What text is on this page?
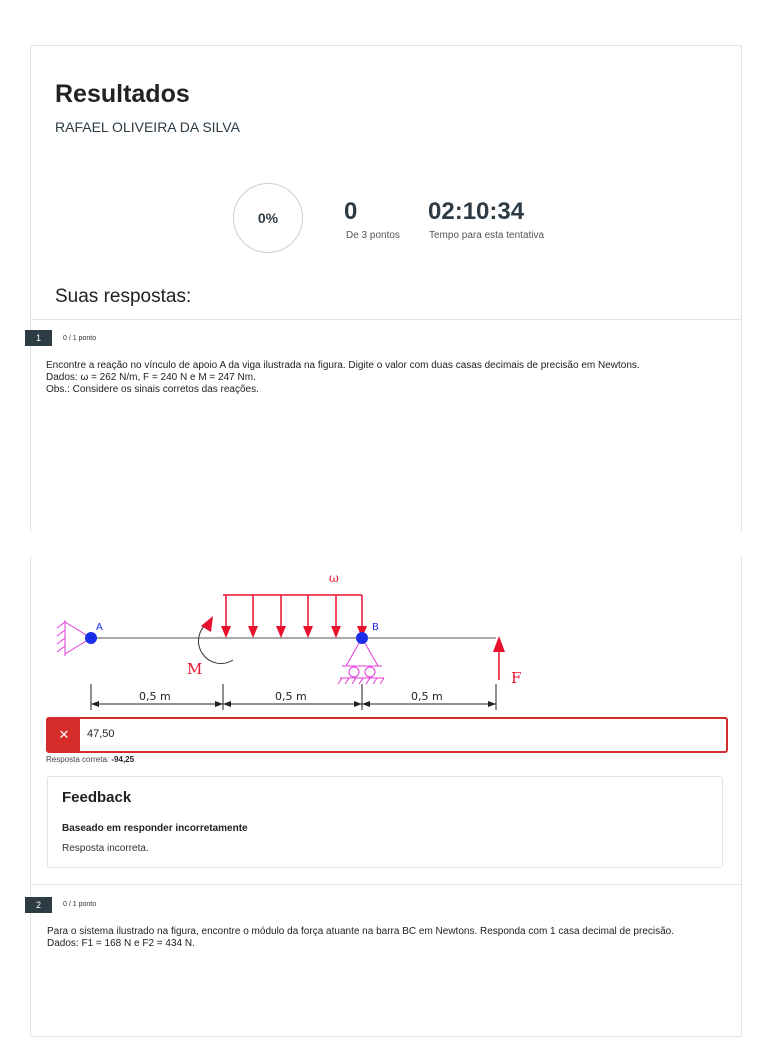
Resultados
RAFAEL OLIVEIRA DA SILVA
0%	0
De 3 pontos
02:10:34
Tempo para esta tentativa
Suas respostas:
1	0 / 1 ponto
Encontre a reação no vínculo de apoio A da viga ilustrada na figura. Digite o valor com duas casas decimais de precisão em Newtons.
Dados: ω = 262 N/m, F = 240 N e M = 247 Nm.
Obs.: Considere os sinais corretos das reações.
ω
A	B
M	F
0,5 m	0,5 m	0,5 m
✕	47,50
Resposta correta: -94,25
Feedback
Baseado em responder incorretamente
Resposta incorreta.
2	0 / 1 ponto
Para o sistema ilustrado na figura, encontre o módulo da força atuante na barra BC em Newtons. Responda com 1 casa decimal de precisão.
Dados: F1 = 168 N e F2 = 434 N.
